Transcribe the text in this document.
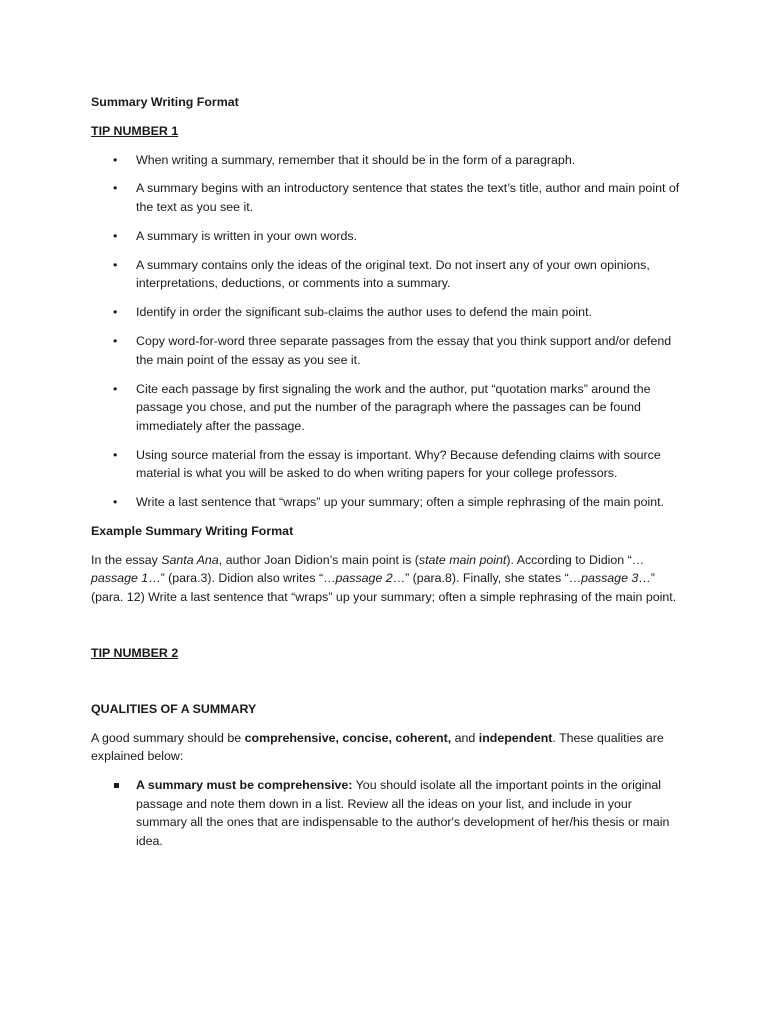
Summary Writing Format

TIP NUMBER 1

• When writing a summary, remember that it should be in the form of a paragraph.
• A summary begins with an introductory sentence that states the text’s title, author and main point of the text as you see it.
• A summary is written in your own words.
• A summary contains only the ideas of the original text. Do not insert any of your own opinions, interpretations, deductions, or comments into a summary.
• Identify in order the significant sub-claims the author uses to defend the main point.
• Copy word-for-word three separate passages from the essay that you think support and/or defend the main point of the essay as you see it.
• Cite each passage by first signaling the work and the author, put “quotation marks” around the passage you chose, and put the number of the paragraph where the passages can be found immediately after the passage.
• Using source material from the essay is important. Why? Because defending claims with source material is what you will be asked to do when writing papers for your college professors.
• Write a last sentence that “wraps” up your summary; often a simple rephrasing of the main point.

Example Summary Writing Format

In the essay Santa Ana, author Joan Didion’s main point is (state main point). According to Didion “…passage 1…” (para.3). Didion also writes “…passage 2…” (para.8). Finally, she states “…passage 3…” (para. 12) Write a last sentence that “wraps” up your summary; often a simple rephrasing of the main point.

TIP NUMBER 2

QUALITIES OF A SUMMARY

A good summary should be comprehensive, concise, coherent, and independent. These qualities are explained below:

A summary must be comprehensive: You should isolate all the important points in the original passage and note them down in a list. Review all the ideas on your list, and include in your summary all the ones that are indispensable to the author's development of her/his thesis or main idea.
